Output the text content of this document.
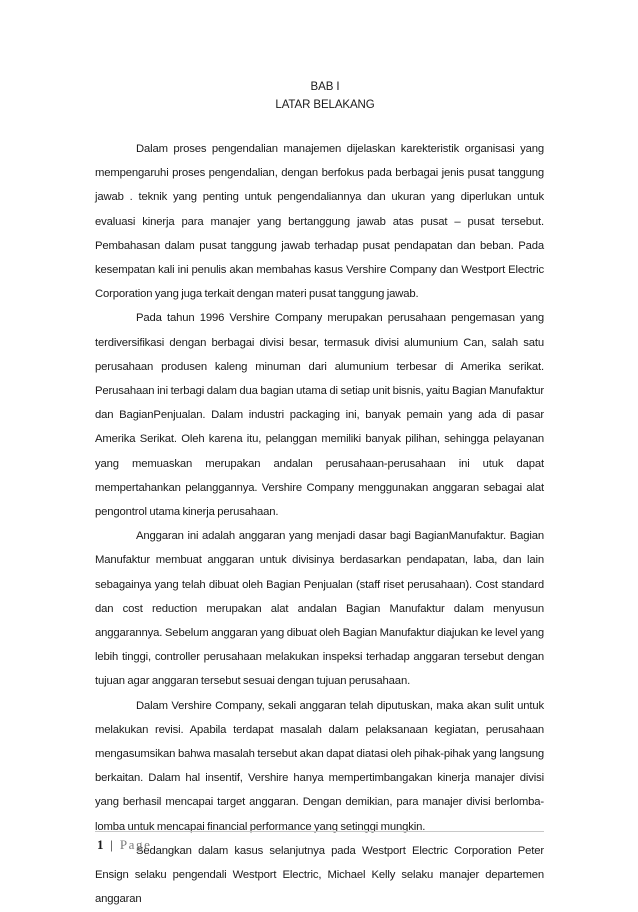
BAB I
LATAR BELAKANG

Dalam proses pengendalian manajemen dijelaskan karekteristik organisasi yang mempengaruhi proses pengendalian, dengan berfokus pada berbagai jenis pusat tanggung jawab . teknik yang penting untuk pengendaliannya dan ukuran yang diperlukan untuk evaluasi kinerja para manajer yang bertanggung jawab atas pusat – pusat tersebut. Pembahasan dalam pusat tanggung jawab terhadap pusat pendapatan dan beban. Pada kesempatan kali ini penulis akan membahas kasus Vershire Company dan Westport Electric Corporation yang juga terkait dengan materi pusat tanggung jawab.

Pada tahun 1996 Vershire Company merupakan perusahaan pengemasan yang terdiversifikasi dengan berbagai divisi besar, termasuk divisi alumunium Can, salah satu perusahaan produsen kaleng minuman dari alumunium terbesar di Amerika serikat. Perusahaan ini terbagi dalam dua bagian utama di setiap unit bisnis, yaitu Bagian Manufaktur dan BagianPenjualan. Dalam industri packaging ini, banyak pemain yang ada di pasar Amerika Serikat. Oleh karena itu, pelanggan memiliki banyak pilihan, sehingga pelayanan yang memuaskan merupakan andalan perusahaan-perusahaan ini utuk dapat mempertahankan pelanggannya. Vershire Company menggunakan anggaran sebagai alat pengontrol utama kinerja perusahaan.

Anggaran ini adalah anggaran yang menjadi dasar bagi BagianManufaktur. Bagian Manufaktur membuat anggaran untuk divisinya berdasarkan pendapatan, laba, dan lain sebagainya yang telah dibuat oleh Bagian Penjualan (staff riset perusahaan). Cost standard dan cost reduction merupakan alat andalan Bagian Manufaktur dalam menyusun anggarannya. Sebelum anggaran yang dibuat oleh Bagian Manufaktur diajukan ke level yang lebih tinggi, controller perusahaan melakukan inspeksi terhadap anggaran tersebut dengan tujuan agar anggaran tersebut sesuai dengan tujuan perusahaan.

Dalam Vershire Company, sekali anggaran telah diputuskan, maka akan sulit untuk melakukan revisi. Apabila terdapat masalah dalam pelaksanaan kegiatan, perusahaan mengasumsikan bahwa masalah tersebut akan dapat diatasi oleh pihak-pihak yang langsung berkaitan. Dalam hal insentif, Vershire hanya mempertimbangakan kinerja manajer divisi yang berhasil mencapai target anggaran. Dengan demikian, para manajer divisi berlomba-lomba untuk mencapai financial performance yang setinggi mungkin.

Sedangkan dalam kasus selanjutnya pada Westport Electric Corporation Peter Ensign selaku pengendali Westport Electric, Michael Kelly selaku manajer departemen anggaran

1 | Page
